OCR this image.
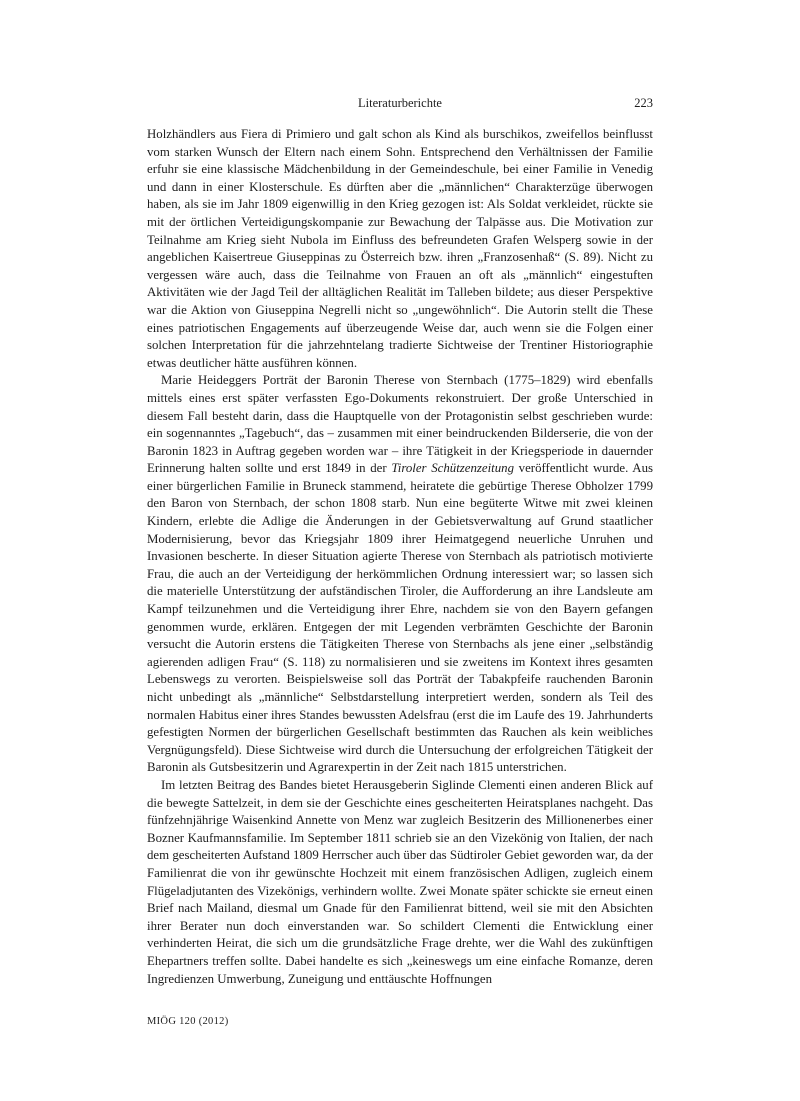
Literaturberichte	223

Holzhändlers aus Fiera di Primiero und galt schon als Kind als burschikos, zweifellos beinflusst vom starken Wunsch der Eltern nach einem Sohn. Entsprechend den Verhältnissen der Familie erfuhr sie eine klassische Mädchenbildung in der Gemeindeschule, bei einer Familie in Venedig und dann in einer Klosterschule. Es dürften aber die „männlichen“ Charakterzüge überwogen haben, als sie im Jahr 1809 eigenwillig in den Krieg gezogen ist: Als Soldat verkleidet, rückte sie mit der örtlichen Verteidigungskompanie zur Bewachung der Talpässe aus. Die Motivation zur Teilnahme am Krieg sieht Nubola im Einfluss des befreundeten Grafen Welsperg sowie in der angeblichen Kaisertreue Giuseppinas zu Österreich bzw. ihren „Franzosenhaß“ (S. 89). Nicht zu vergessen wäre auch, dass die Teilnahme von Frauen an oft als „männlich“ eingestuften Aktivitäten wie der Jagd Teil der alltäglichen Realität im Talleben bildete; aus dieser Perspektive war die Aktion von Giuseppina Negrelli nicht so „ungewöhnlich“. Die Autorin stellt die These eines patriotischen Engagements auf überzeugende Weise dar, auch wenn sie die Folgen einer solchen Interpretation für die jahrzehntelang tradierte Sichtweise der Trentiner Historiographie etwas deutlicher hätte ausführen können.

Marie Heideggers Porträt der Baronin Therese von Sternbach (1775–1829) wird ebenfalls mittels eines erst später verfassten Ego-Dokuments rekonstruiert. Der große Unterschied in diesem Fall besteht darin, dass die Hauptquelle von der Protagonistin selbst geschrieben wurde: ein sogennanntes „Tagebuch“, das – zusammen mit einer beindruckenden Bilderserie, die von der Baronin 1823 in Auftrag gegeben worden war – ihre Tätigkeit in der Kriegsperiode in dauernder Erinnerung halten sollte und erst 1849 in der Tiroler Schützenzeitung veröffentlicht wurde. Aus einer bürgerlichen Familie in Bruneck stammend, heiratete die gebürtige Therese Obholzer 1799 den Baron von Sternbach, der schon 1808 starb. Nun eine begüterte Witwe mit zwei kleinen Kindern, erlebte die Adlige die Änderungen in der Gebietsverwaltung auf Grund staatlicher Modernisierung, bevor das Kriegsjahr 1809 ihrer Heimatgegend neuerliche Unruhen und Invasionen bescherte. In dieser Situation agierte Therese von Sternbach als patriotisch motivierte Frau, die auch an der Verteidigung der herkömmlichen Ordnung interessiert war; so lassen sich die materielle Unterstützung der aufständischen Tiroler, die Aufforderung an ihre Landsleute am Kampf teilzunehmen und die Verteidigung ihrer Ehre, nachdem sie von den Bayern gefangen genommen wurde, erklären. Entgegen der mit Legenden verbrämten Geschichte der Baronin versucht die Autorin erstens die Tätigkeiten Therese von Sternbachs als jene einer „selbständig agierenden adligen Frau“ (S. 118) zu normalisieren und sie zweitens im Kontext ihres gesamten Lebenswegs zu verorten. Beispielsweise soll das Porträt der Tabakpfeife rauchenden Baronin nicht unbedingt als „männliche“ Selbstdarstellung interpretiert werden, sondern als Teil des normalen Habitus einer ihres Standes bewussten Adelsfrau (erst die im Laufe des 19. Jahrhunderts gefestigten Normen der bürgerlichen Gesellschaft bestimmten das Rauchen als kein weibliches Vergnügungsfeld). Diese Sichtweise wird durch die Untersuchung der erfolgreichen Tätigkeit der Baronin als Gutsbesitzerin und Agrarexpertin in der Zeit nach 1815 unterstrichen.

Im letzten Beitrag des Bandes bietet Herausgeberin Siglinde Clementi einen anderen Blick auf die bewegte Sattelzeit, in dem sie der Geschichte eines gescheiterten Heiratsplanes nachgeht. Das fünfzehnjährige Waisenkind Annette von Menz war zugleich Besitzerin des Millionenerbes einer Bozner Kaufmannsfamilie. Im September 1811 schrieb sie an den Vizekönig von Italien, der nach dem gescheiterten Aufstand 1809 Herrscher auch über das Südtiroler Gebiet geworden war, da der Familienrat die von ihr gewünschte Hochzeit mit einem französischen Adligen, zugleich einem Flügeladjutanten des Vizekönigs, verhindern wollte. Zwei Monate später schickte sie erneut einen Brief nach Mailand, diesmal um Gnade für den Familienrat bittend, weil sie mit den Absichten ihrer Berater nun doch einverstanden war. So schildert Clementi die Entwicklung einer verhinderten Heirat, die sich um die grundsätzliche Frage drehte, wer die Wahl des zukünftigen Ehepartners treffen sollte. Dabei handelte es sich „keineswegs um eine einfache Romanze, deren Ingredienzen Umwerbung, Zuneigung und enttäuschte Hoffnungen

MIÖG 120 (2012)
